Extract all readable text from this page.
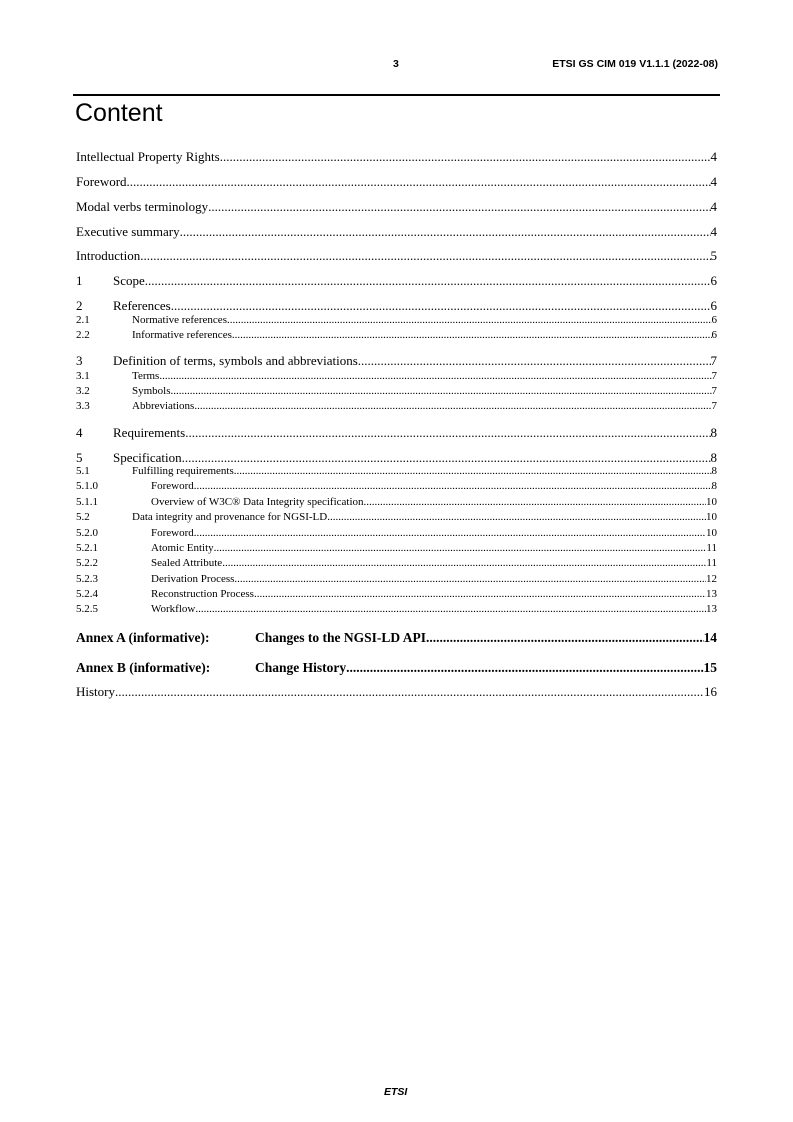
3	ETSI GS CIM 019 V1.1.1 (2022-08)
Content
Intellectual Property Rights .....	4
Foreword .....	4
Modal verbs terminology .....	4
Executive summary .....	4
Introduction .....	5
1	Scope .....	6
2	References .....	6
2.1	Normative references .....	6
2.2	Informative references .....	6
3	Definition of terms, symbols and abbreviations .....	7
3.1	Terms .....	7
3.2	Symbols .....	7
3.3	Abbreviations .....	7
4	Requirements .....	8
5	Specification .....	8
5.1	Fulfilling requirements .....	8
5.1.0	Foreword .....	8
5.1.1	Overview of W3C® Data Integrity specification .....	10
5.2	Data integrity and provenance for NGSI-LD .....	10
5.2.0	Foreword .....	10
5.2.1	Atomic Entity .....	11
5.2.2	Sealed Attribute .....	11
5.2.3	Derivation Process .....	12
5.2.4	Reconstruction Process .....	13
5.2.5	Workflow .....	13
Annex A (informative):	Changes to the NGSI-LD API .....	14
Annex B (informative):	Change History .....	15
History .....	16
ETSI
